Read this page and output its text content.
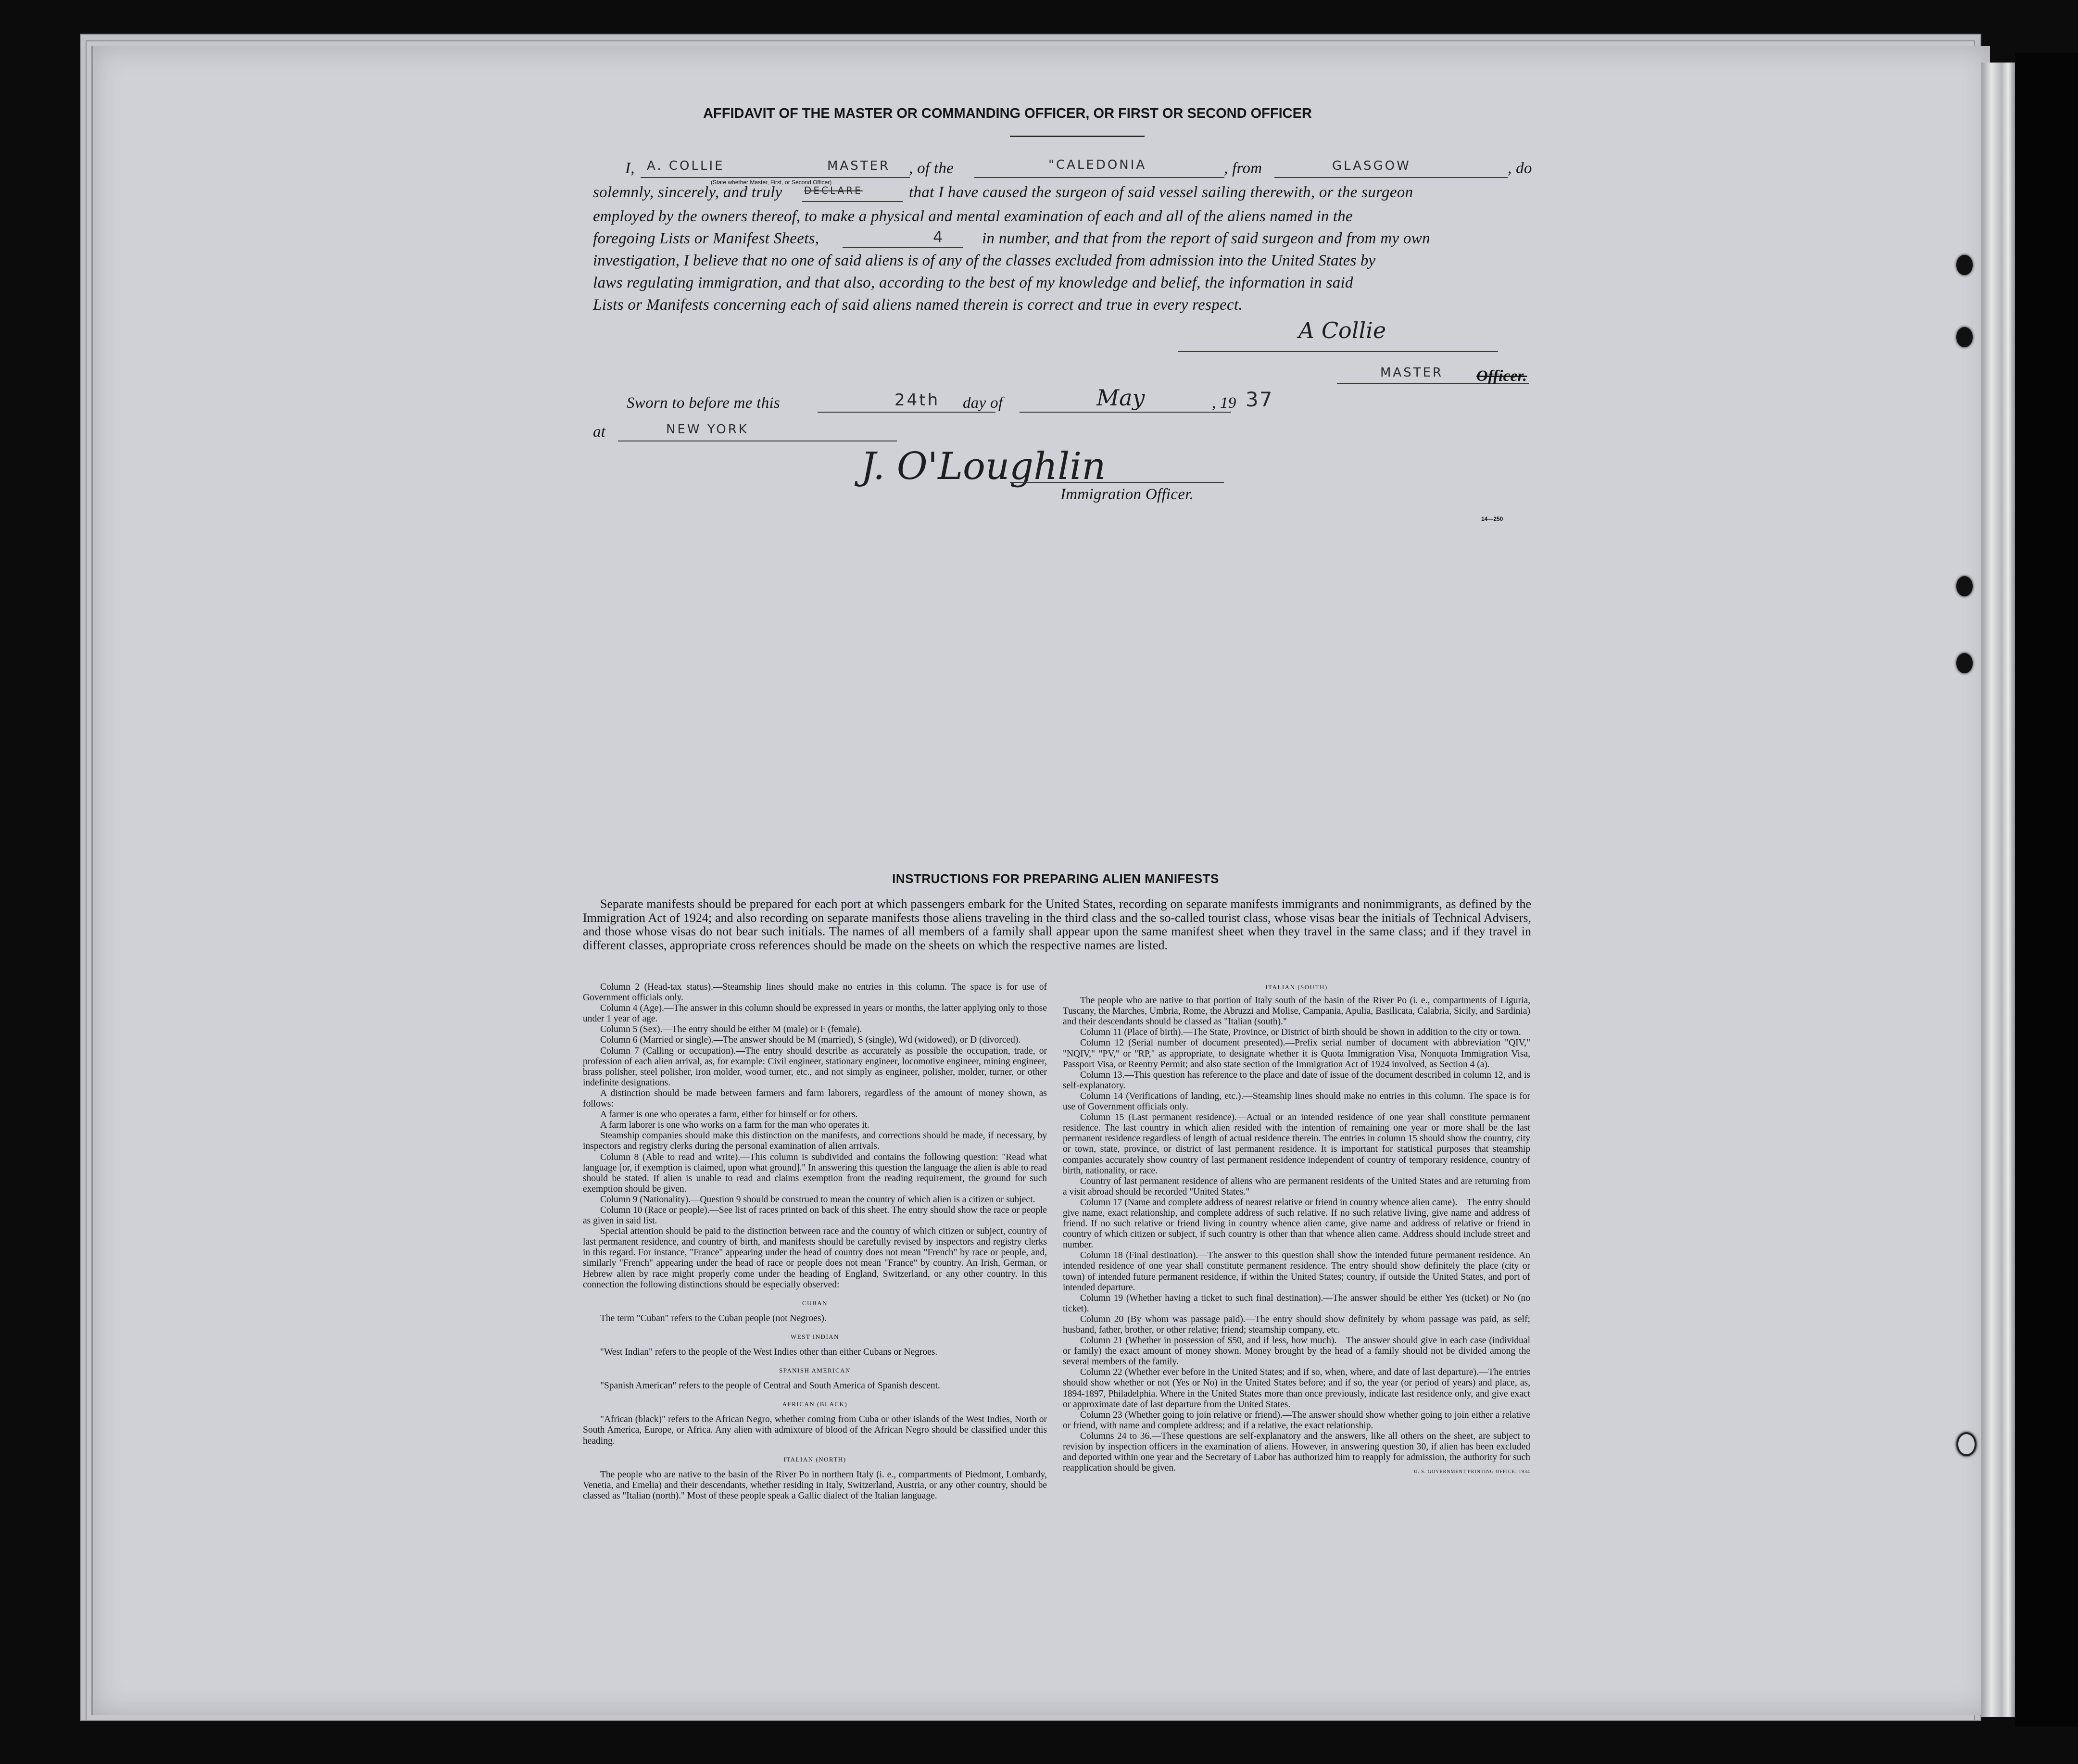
AFFIDAVIT OF THE MASTER OR COMMANDING OFFICER, OR FIRST OR SECOND OFFICER
I, A. COLLIE	MASTER
(State whether Master, First, or Second Officer)
, of the	"CALEDONIA	, from	GLASGOW	, do
solemnly, sincerely, and truly DECLARE	that I have caused the surgeon of said vessel sailing therewith, or the surgeon
employed by the owners thereof, to make a physical and mental examination of each and all of the aliens named in the
foregoing Lists or Manifest Sheets,	4 in number, and that from the report of said surgeon and from my own
investigation, I believe that no one of said aliens is of any of the classes excluded from admission into the United States by
laws regulating immigration, and that also, according to the best of my knowledge and belief, the information in said
Lists or Manifests concerning each of said aliens named therein is correct and true in every respect.
A Collie
MASTER Officer.
Sworn to before me this	24th day of	May	, 19 37
at	NEW YORK
J. O'Loughlin
Immigration Officer.
14—250
INSTRUCTIONS FOR PREPARING ALIEN MANIFESTS

Separate manifests should be prepared for each port at which passengers embark for the United States, recording on separate manifests immigrants and nonimmigrants, as defined by the Immigration Act of 1924; and also recording on separate manifests those aliens traveling in the third class and the so-called tourist class, whose visas bear the initials of Technical Advisers, and those whose visas do not bear such initials. The names of all members of a family shall appear upon the same manifest sheet when they travel in the same class; and if they travel in different classes, appropriate cross references should be made on the sheets on which the respective names are listed.

Column 2 (Head-tax status).—Steamship lines should make no entries in this column. The space is for use of Government officials only.

Column 4 (Age).—The answer in this column should be expressed in years or months, the latter applying only to those under 1 year of age.

Column 5 (Sex).—The entry should be either M (male) or F (female).

Column 6 (Married or single).—The answer should be M (married), S (single), Wd (widowed), or D (divorced).

Column 7 (Calling or occupation).—The entry should describe as accurately as possible the occupation, trade, or profession of each alien arrival, as, for example: Civil engineer, stationary engineer, locomotive engineer, mining engineer, brass polisher, steel polisher, iron molder, wood turner, etc., and not simply as engineer, polisher, molder, turner, or other indefinite designations.

A distinction should be made between farmers and farm laborers, regardless of the amount of money shown, as follows:

A farmer is one who operates a farm, either for himself or for others.

A farm laborer is one who works on a farm for the man who operates it.

Steamship companies should make this distinction on the manifests, and corrections should be made, if necessary, by inspectors and registry clerks during the personal examination of alien arrivals.

Column 8 (Able to read and write).—This column is subdivided and contains the following question: "Read what language [or, if exemption is claimed, upon what ground]." In answering this question the language the alien is able to read should be stated. If alien is unable to read and claims exemption from the reading requirement, the ground for such exemption should be given.

Column 9 (Nationality).—Question 9 should be construed to mean the country of which alien is a citizen or subject.

Column 10 (Race or people).—See list of races printed on back of this sheet. The entry should show the race or people as given in said list.

Special attention should be paid to the distinction between race and the country of which citizen or subject, country of last permanent residence, and country of birth, and manifests should be carefully revised by inspectors and registry clerks in this regard. For instance, "France" appearing under the head of country does not mean "French" by race or people, and, similarly "French" appearing under the head of race or people does not mean "France" by country. An Irish, German, or Hebrew alien by race might properly come under the heading of England, Switzerland, or any other country. In this connection the following distinctions should be especially observed:

CUBAN

The term "Cuban" refers to the Cuban people (not Negroes).

WEST INDIAN

"West Indian" refers to the people of the West Indies other than either Cubans or Negroes.

SPANISH AMERICAN

"Spanish American" refers to the people of Central and South America of Spanish descent.

AFRICAN (BLACK)

"African (black)" refers to the African Negro, whether coming from Cuba or other islands of the West Indies, North or South America, Europe, or Africa. Any alien with admixture of blood of the African Negro should be classified under this heading.

ITALIAN (NORTH)

The people who are native to the basin of the River Po in northern Italy (i. e., compartments of Piedmont, Lombardy, Venetia, and Emelia) and their descendants, whether residing in Italy, Switzerland, Austria, or any other country, should be classed as "Italian (north)." Most of these people speak a Gallic dialect of the Italian language.

ITALIAN (SOUTH)

The people who are native to that portion of Italy south of the basin of the River Po (i. e., compartments of Liguria, Tuscany, the Marches, Umbria, Rome, the Abruzzi and Molise, Campania, Apulia, Basilicata, Calabria, Sicily, and Sardinia) and their descendants should be classed as "Italian (south)."

Column 11 (Place of birth).—The State, Province, or District of birth should be shown in addition to the city or town.

Column 12 (Serial number of document presented).—Prefix serial number of document with abbreviation "QIV," "NQIV," "PV," or "RP," as appropriate, to designate whether it is Quota Immigration Visa, Nonquota Immigration Visa, Passport Visa, or Reentry Permit; and also state section of the Immigration Act of 1924 involved, as Section 4 (a).

Column 13.—This question has reference to the place and date of issue of the document described in column 12, and is self-explanatory.

Column 14 (Verifications of landing, etc.).—Steamship lines should make no entries in this column. The space is for use of Government officials only.

Column 15 (Last permanent residence).—Actual or an intended residence of one year shall constitute permanent residence. The last country in which alien resided with the intention of remaining one year or more shall be the last permanent residence regardless of length of actual residence therein. The entries in column 15 should show the country, city or town, state, province, or district of last permanent residence. It is important for statistical purposes that steamship companies accurately show country of last permanent residence independent of country of temporary residence, country of birth, nationality, or race.

Country of last permanent residence of aliens who are permanent residents of the United States and are returning from a visit abroad should be recorded "United States."

Column 17 (Name and complete address of nearest relative or friend in country whence alien came).—The entry should give name, exact relationship, and complete address of such relative. If no such relative living, give name and address of friend. If no such relative or friend living in country whence alien came, give name and address of relative or friend in country of which citizen or subject, if such country is other than that whence alien came. Address should include street and number.

Column 18 (Final destination).—The answer to this question shall show the intended future permanent residence. An intended residence of one year shall constitute permanent residence. The entry should show definitely the place (city or town) of intended future permanent residence, if within the United States; country, if outside the United States, and port of intended departure.

Column 19 (Whether having a ticket to such final destination).—The answer should be either Yes (ticket) or No (no ticket).

Column 20 (By whom was passage paid).—The entry should show definitely by whom passage was paid, as self; husband, father, brother, or other relative; friend; steamship company, etc.

Column 21 (Whether in possession of $50, and if less, how much).—The answer should give in each case (individual or family) the exact amount of money shown. Money brought by the head of a family should not be divided among the several members of the family.

Column 22 (Whether ever before in the United States; and if so, when, where, and date of last departure).—The entries should show whether or not (Yes or No) in the United States before; and if so, the year (or period of years) and place, as, 1894-1897, Philadelphia. Where in the United States more than once previously, indicate last residence only, and give exact or approximate date of last departure from the United States.

Column 23 (Whether going to join relative or friend).—The answer should show whether going to join either a relative or friend, with name and complete address; and if a relative, the exact relationship.

Columns 24 to 36.—These questions are self-explanatory and the answers, like all others on the sheet, are subject to revision by inspection officers in the examination of aliens. However, in answering question 30, if alien has been excluded and deported within one year and the Secretary of Labor has authorized him to reapply for admission, the authority for such reapplication should be given.	U. S. GOVERNMENT PRINTING OFFICE: 1934
